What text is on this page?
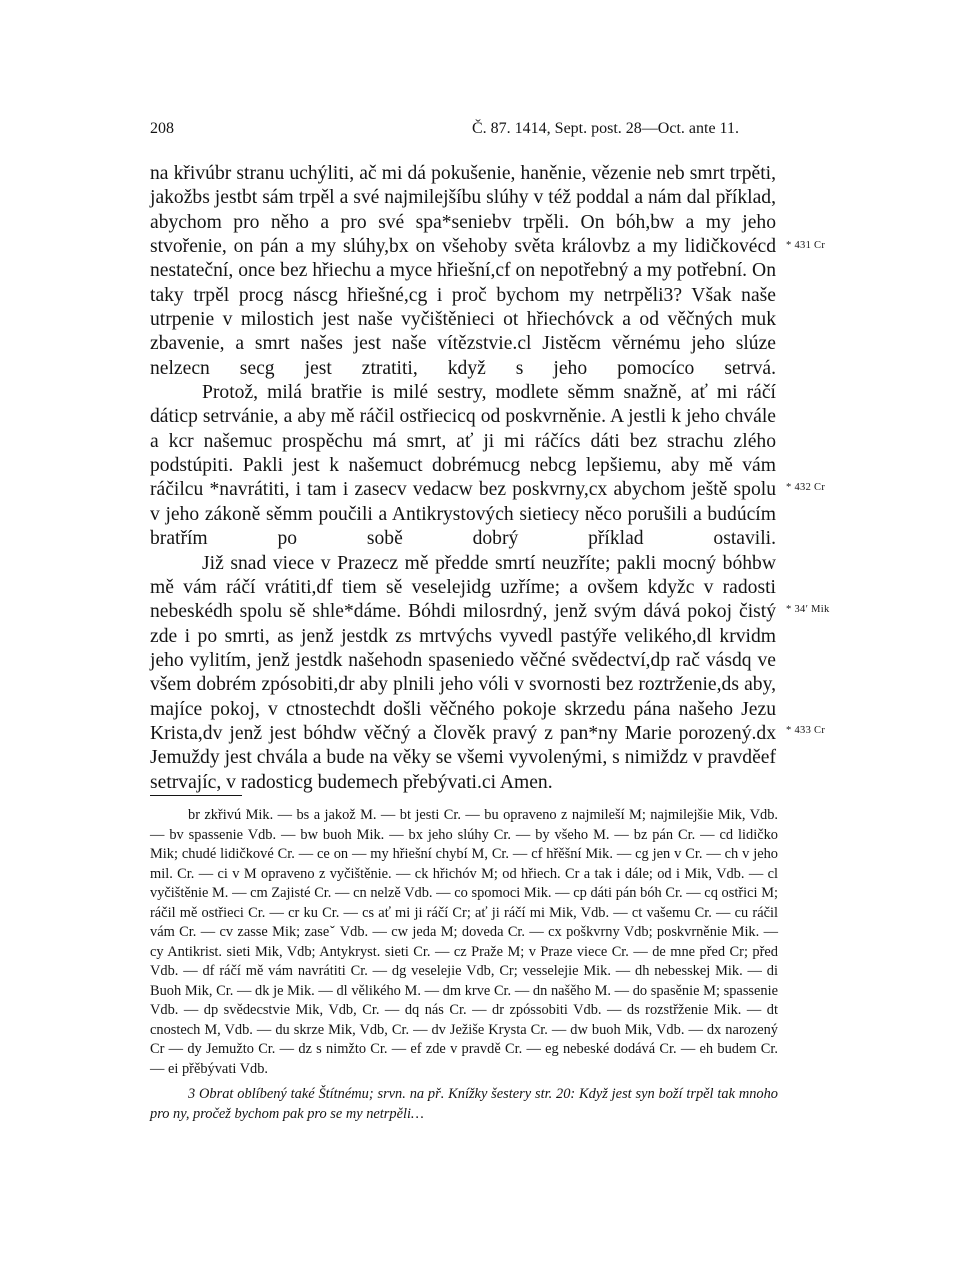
208	Č. 87. 1414, Sept. post. 28—Oct. ante 11.

na křivúbr stranu uchýliti, ač mi dá pokušenie, haněnie, vězenie neb smrt trpěti, jakožbs jestbt sám trpěl a své najmilejšíbu slúhy v též poddal a nám dal příklad, abychom pro něho a pro své spa*seniebv trpěli. On bóh,bw a my jeho stvořenie, on pán a my slúhy,bx on všehoby světa královbz a my lidičkovécd nestateční, once bez hřiechu a myce hřiešní,cf on nepotřebný a my potřební. On taky trpěl procg náscg hřiešné,cg i proč bychom my netrpěli3? Však naše utrpenie v milostich jest naše vyčištěnieci ot hřiechóvck a od věčných muk zbavenie, a smrt našes jest naše vítězstvie.cl Jistěcm věrnému jeho slúze nelzecn secg jest ztratiti, když s jeho pomocíco setrvá.

Protož, milá bratřie is milé sestry, modlete sěmm snažně, ať mi ráčí dáticp setrvánie, a aby mě ráčil ostřiecicq od poskvrněnie. A jestli k jeho chvále a kcr našemuc prospěchu má smrt, ať ji mi ráčícs dáti bez strachu zlého podstúpiti. Pakli jest k našemuct dobrémucg nebcg lepšiemu, aby mě vám ráčilcu *navrátiti, i tam i zasecv vedacw bez poskvrny,cx abychom ještě spolu v jeho zákoně sěmm poučili a Antikrystových sietiecy něco porušili a budúcím bratřím po sobě dobrý příklad ostavili.

Již snad viece v Prazecz mě předde smrtí neuzříte; pakli mocný bóhbw mě vám ráčí vrátiti,df tiem sě veselejidg uzříme; a ovšem kdyžc v radosti nebeskédh spolu sě shle*dáme. Bóhdi milosrdný, jenž svým dává pokoj čistý zde i po smrti, as jenž jestdk zs mrtvýchs vyvedl pastýře velikého,dl krvidm jeho vylitím, jenž jestdk našehodn spaseniedo věčné svědectví,dp rač vásdq ve všem dobrém zpósobiti,dr aby plnili jeho vóli v svornosti bez roztrženie,ds aby, majíce pokoj, v ctnostechdt došli věčného pokoje skrzedu pána našeho Jezu Krista,dv jenž jest bóhdw věčný a člověk pravý z pan*ny Marie porozený.dx Jemuždy jest chvála a bude na věky se všemi vyvolenými, s nimiždz v pravděef setrvajíc, v radosticg budemech přebývati.ci Amen.

* 431 Cr
* 432 Cr
* 34′ Mik
* 433 Cr

br zkřivú Mik. — bs a jakož M. — bt jesti Cr. — bu opraveno z najmileší M; najmilejšie Mik, Vdb. — bv spassenie Vdb. — bw buoh Mik. — bx jeho slúhy Cr. — by všeho M. — bz pán Cr. — cd lidičko Mik; chudé lidičkové Cr. — ce on — my hřiešní chybí M, Cr. — cf hřěšní Mik. — cg jen v Cr. — ch v jeho mil. Cr. — ci v M opraveno z vyčištěnie. — ck hřichóv M; od hřiech. Cr a tak i dále; od i Mik, Vdb. — cl vyčištěnie M. — cm Zajisté Cr. — cn nelzě Vdb. — co spomoci Mik. — cp dáti pán bóh Cr. — cq ostřici M; ráčil mě ostřieci Cr. — cr ku Cr. — cs ať mi ji ráčí Cr; ať ji ráčí mi Mik, Vdb. — ct vašemu Cr. — cu ráčil vám Cr. — cv zasse Mik; zaseˇ Vdb. — cw jeda M; doveda Cr. — cx poškvrny Vdb; poskvrněnie Mik. — cy Antikrist. sieti Mik, Vdb; Antykryst. sieti Cr. — cz Praže M; v Praze viece Cr. — de mne před Cr; před Vdb. — df ráčí mě vám navrátiti Cr. — dg veselejie Vdb, Cr; vesselejie Mik. — dh nebesskej Mik. — di Buoh Mik, Cr. — dk je Mik. — dl vělikého M. — dm krve Cr. — dn našěho M. — do spasěnie M; spassenie Vdb. — dp svědecstvie Mik, Vdb, Cr. — dq nás Cr. — dr zpóssobiti Vdb. — ds rozstřženie Mik. — dt cnostech M, Vdb. — du skrze Mik, Vdb, Cr. — dv Ježiše Krysta Cr. — dw buoh Mik, Vdb. — dx narozený Cr — dy Jemužto Cr. — dz s nimžto Cr. — ef zde v pravdě Cr. — eg nebeské dodává Cr. — eh budem Cr. — ei přěbývati Vdb.

3 Obrat oblíbený také Štítnému; srvn. na př. Knížky šestery str. 20: Když jest syn boží trpěl tak mnoho pro ny, pročež bychom pak pro se my netrpěli…
